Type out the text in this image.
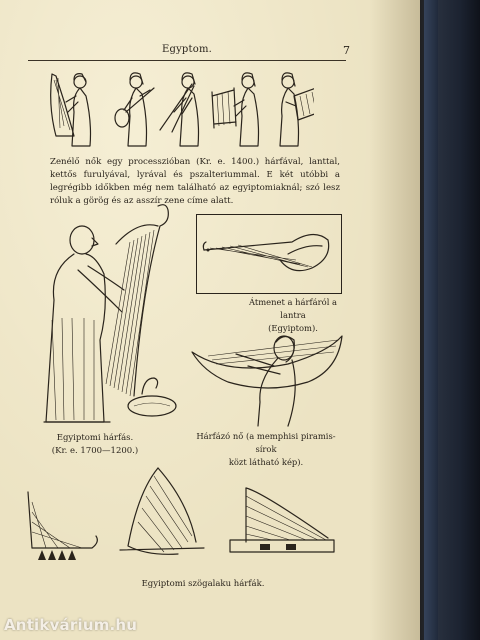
Egyptom.	7
Zenélő nők egy processzióban (Kr. e. 1400.) hárfával, lanttal, kettős furulyával, lyrával és pszalteriummal. E két utóbbi a legrégibb időkben még nem található az egyiptomiaknál; szó lesz róluk a görög és az asszír zene címe alatt.
Egyiptomi hárfás.
(Kr. e. 1700—1200.)
Átmenet a hárfáról a lantra
(Egyiptom).
Hárfázó nő (a memphisi piramis-sírok
közt látható kép).
Egyiptomi szögalaku hárfák.
Antikvárium.hu
